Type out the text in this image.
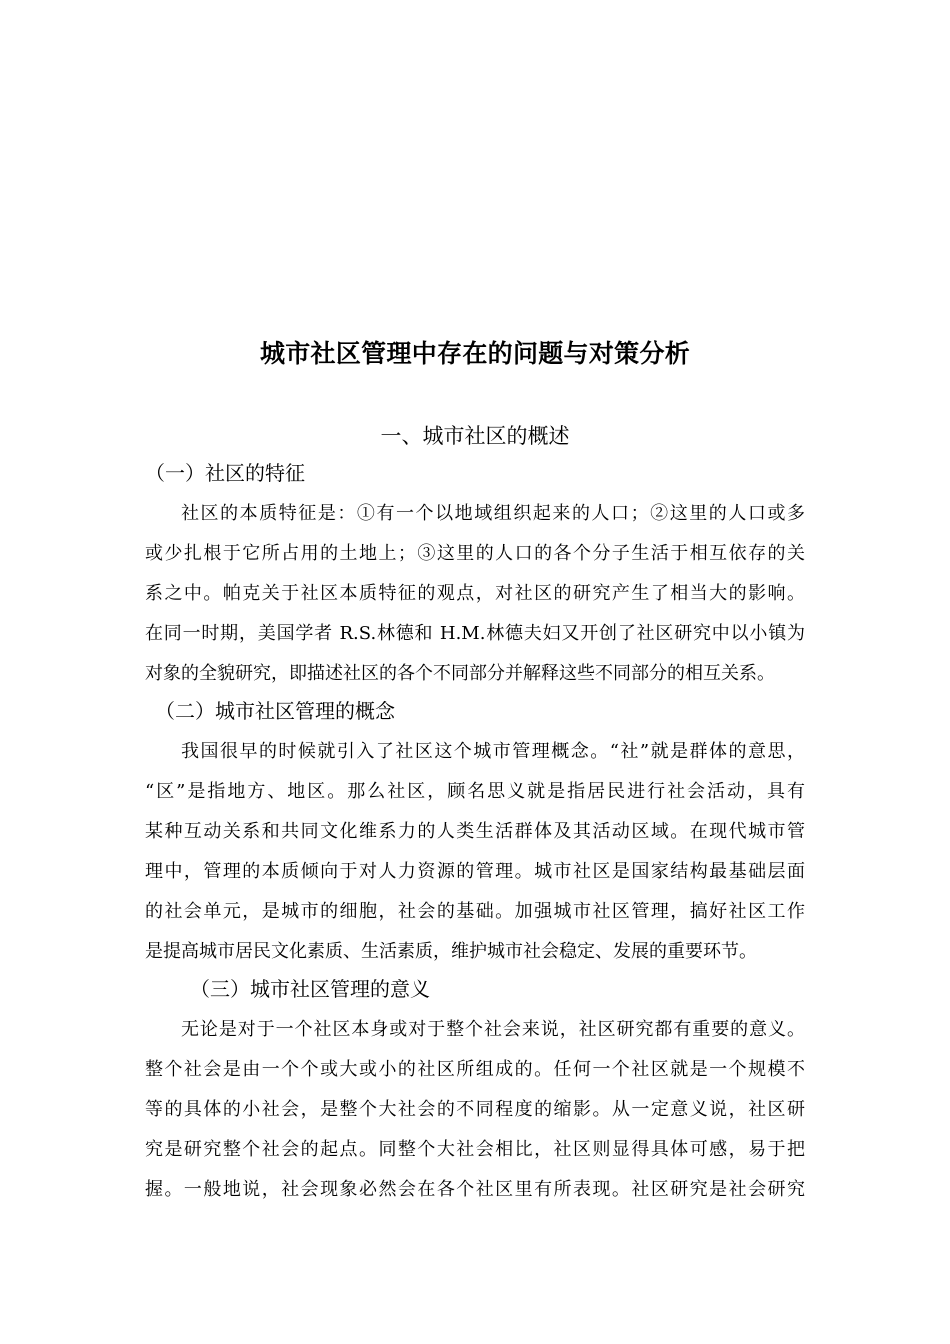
城市社区管理中存在的问题与对策分析
一、城市社区的概述
（一）社区的特征
社区的本质特征是：①有一个以地域组织起来的人口；②这里的人口或多
或少扎根于它所占用的土地上；③这里的人口的各个分子生活于相互依存的关
系之中。帕克关于社区本质特征的观点，对社区的研究产生了相当大的影响。
在同一时期，美国学者 R.S.林德和 H.M.林德夫妇又开创了社区研究中以小镇为
对象的全貌研究，即描述社区的各个不同部分并解释这些不同部分的相互关系。
（二）城市社区管理的概念
我国很早的时候就引入了社区这个城市管理概念。“社”就是群体的意思，
“区”是指地方、地区。那么社区，顾名思义就是指居民进行社会活动，具有
某种互动关系和共同文化维系力的人类生活群体及其活动区域。在现代城市管
理中，管理的本质倾向于对人力资源的管理。城市社区是国家结构最基础层面
的社会单元，是城市的细胞，社会的基础。加强城市社区管理，搞好社区工作
是提高城市居民文化素质、生活素质，维护城市社会稳定、发展的重要环节。
（三）城市社区管理的意义
无论是对于一个社区本身或对于整个社会来说，社区研究都有重要的意义。
整个社会是由一个个或大或小的社区所组成的。任何一个社区就是一个规模不
等的具体的小社会，是整个大社会的不同程度的缩影。从一定意义说，社区研
究是研究整个社会的起点。同整个大社会相比，社区则显得具体可感，易于把
握。一般地说，社会现象必然会在各个社区里有所表现。社区研究是社会研究
